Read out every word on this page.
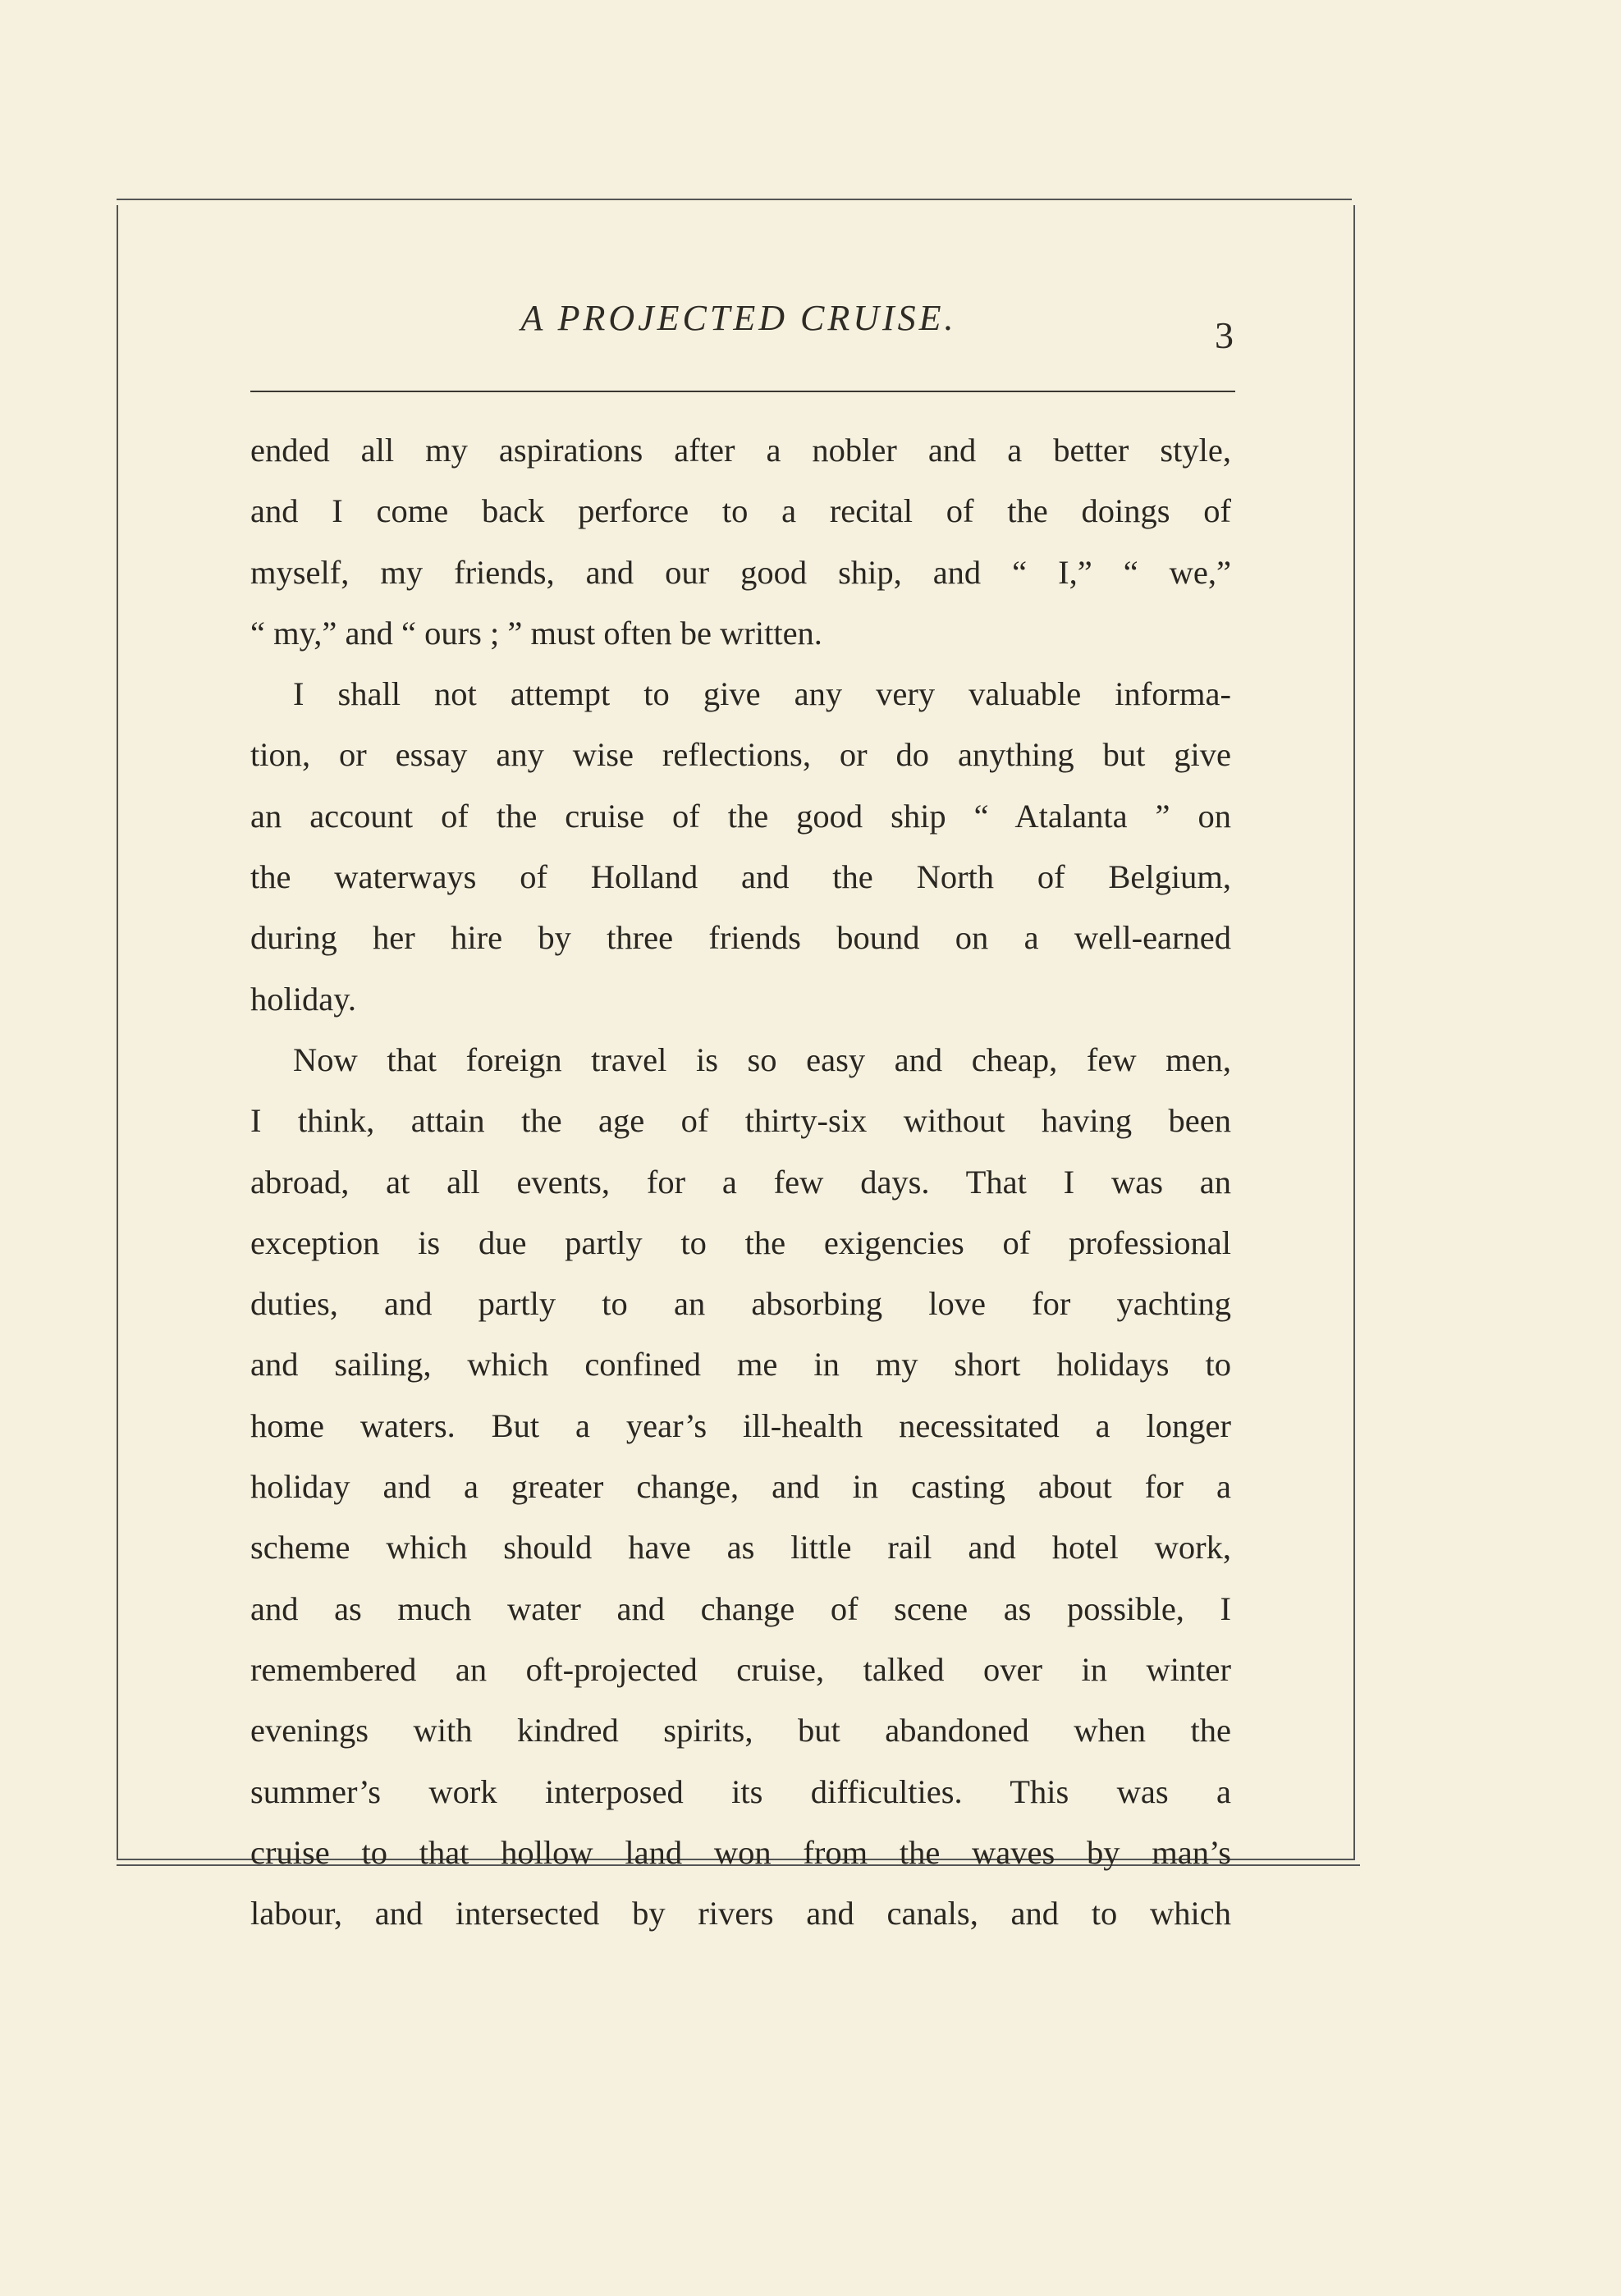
A PROJECTED CRUISE.	3
ended all my aspirations after a nobler and a better style,
and I come back perforce to a recital of the doings of
myself, my friends, and our good ship, and “ I,” “ we,”
“ my,” and “ ours ; ” must often be written.
I shall not attempt to give any very valuable informa-
tion, or essay any wise reflections, or do anything but give
an account of the cruise of the good ship “ Atalanta ” on
the waterways of Holland and the North of Belgium,
during her hire by three friends bound on a well-earned
holiday.
Now that foreign travel is so easy and cheap, few men,
I think, attain the age of thirty-six without having been
abroad, at all events, for a few days. That I was an
exception is due partly to the exigencies of professional
duties, and partly to an absorbing love for yachting
and sailing, which confined me in my short holidays to
home waters. But a year’s ill-health necessitated a longer
holiday and a greater change, and in casting about for a
scheme which should have as little rail and hotel work,
and as much water and change of scene as possible, I
remembered an oft-projected cruise, talked over in winter
evenings with kindred spirits, but abandoned when the
summer’s work interposed its difficulties. This was a
cruise to that hollow land won from the waves by man’s
labour, and intersected by rivers and canals, and to which
